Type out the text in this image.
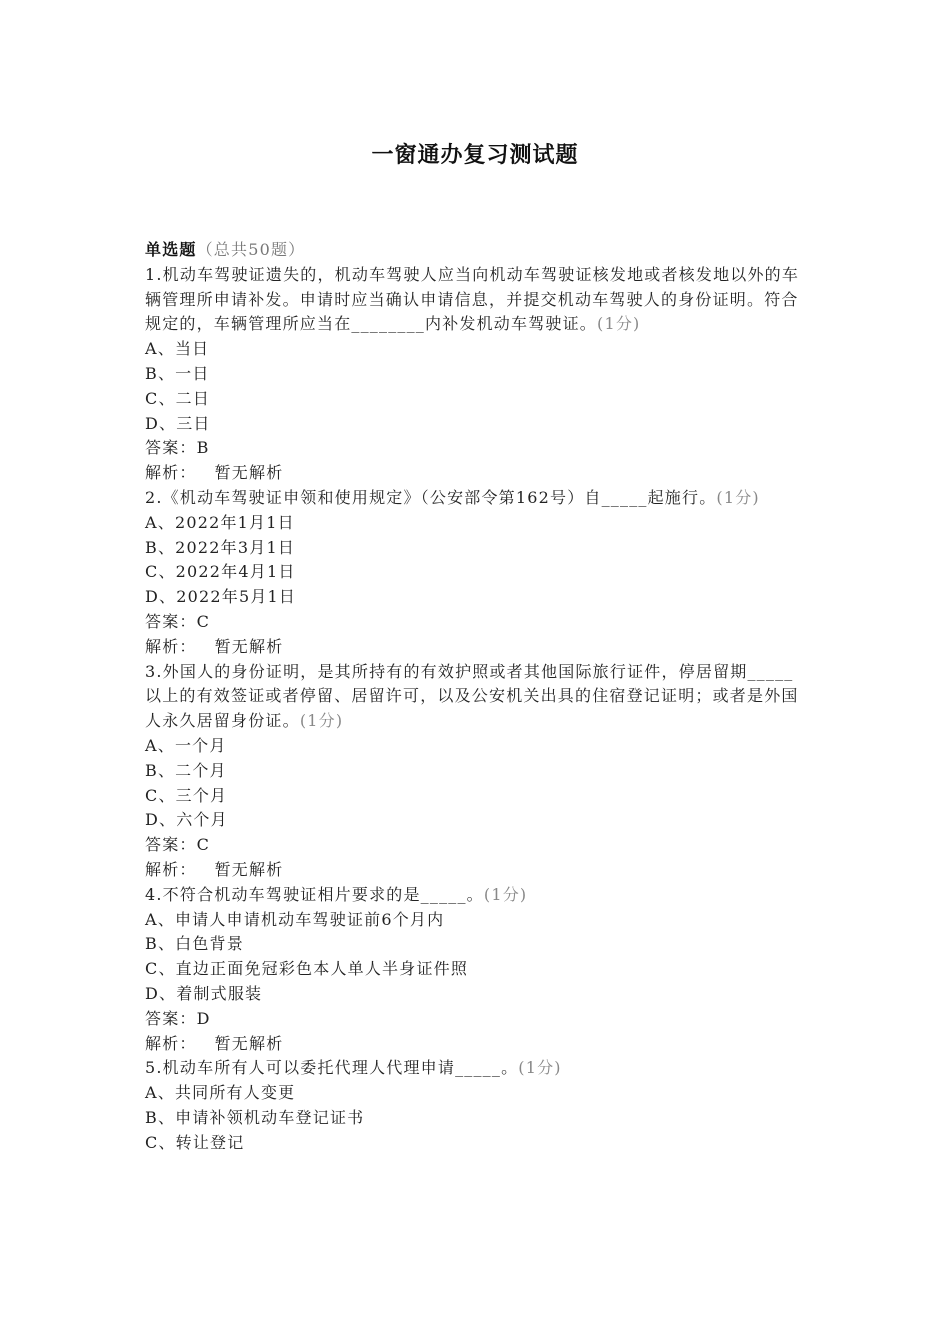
一窗通办复习测试题
单选题（总共50题）
1.机动车驾驶证遗失的，机动车驾驶人应当向机动车驾驶证核发地或者核发地以外的车辆管理所申请补发。申请时应当确认申请信息，并提交机动车驾驶人的身份证明。符合规定的，车辆管理所应当在________内补发机动车驾驶证。(1分)
A、当日
B、一日
C、二日
D、三日
答案：B
解析： 暂无解析
2.《机动车驾驶证申领和使用规定》（公安部令第162号）自_____起施行。(1分)
A、2022年1月1日
B、2022年3月1日
C、2022年4月1日
D、2022年5月1日
答案：C
解析： 暂无解析
3.外国人的身份证明，是其所持有的有效护照或者其他国际旅行证件，停居留期_____以上的有效签证或者停留、居留许可，以及公安机关出具的住宿登记证明；或者是外国人永久居留身份证。(1分)
A、一个月
B、二个月
C、三个月
D、六个月
答案：C
解析： 暂无解析
4.不符合机动车驾驶证相片要求的是_____。(1分)
A、申请人申请机动车驾驶证前6个月内
B、白色背景
C、直边正面免冠彩色本人单人半身证件照
D、着制式服装
答案：D
解析： 暂无解析
5.机动车所有人可以委托代理人代理申请_____。(1分)
A、共同所有人变更
B、申请补领机动车登记证书
C、转让登记
